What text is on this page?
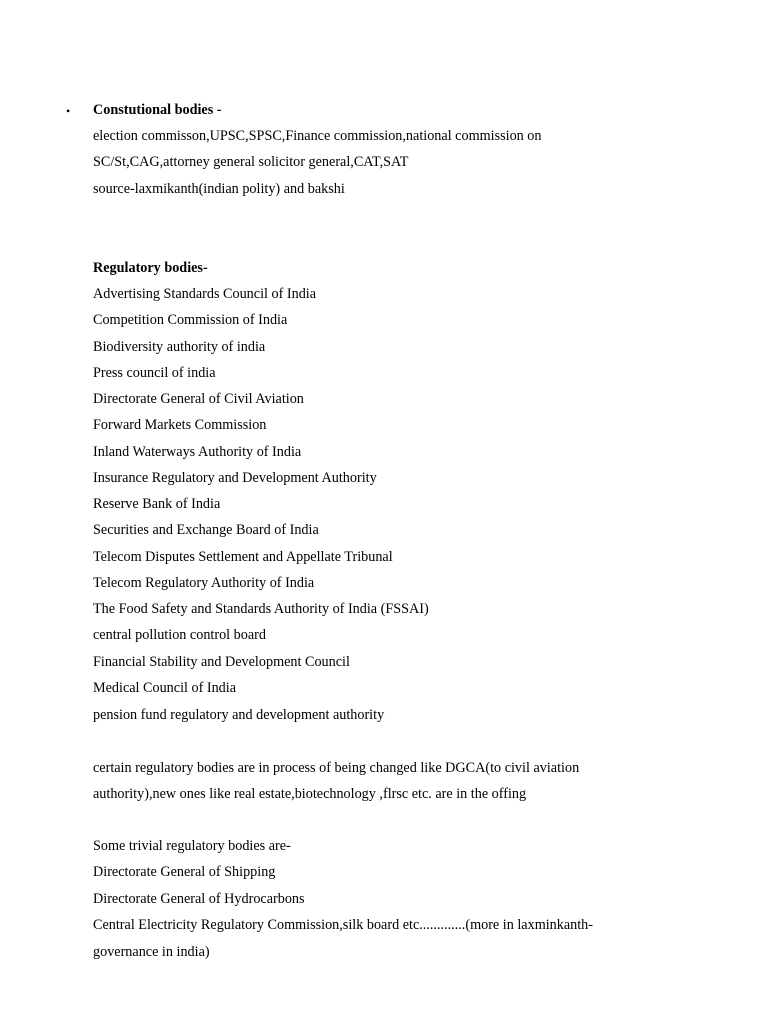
• Constutional bodies -
election commisson,UPSC,SPSC,Finance commission,national commission on
SC/St,CAG,attorney general solicitor general,CAT,SAT
source-laxmikanth(indian polity) and bakshi
Regulatory bodies-
Advertising Standards Council of India
Competition Commission of India
Biodiversity authority of india
Press council of india
Directorate General of Civil Aviation
Forward Markets Commission
Inland Waterways Authority of India
Insurance Regulatory and Development Authority
Reserve Bank of India
Securities and Exchange Board of India
Telecom Disputes Settlement and Appellate Tribunal
Telecom Regulatory Authority of India
The Food Safety and Standards Authority of India (FSSAI)
central pollution control board
Financial Stability and Development Council
Medical Council of India
pension fund regulatory and development authority
certain regulatory bodies are in process of being changed like DGCA(to civil aviation
authority),new ones like real estate,biotechnology ,flrsc etc. are in the offing
Some trivial regulatory bodies are-
Directorate General of Shipping
Directorate General of Hydrocarbons
Central Electricity Regulatory Commission,silk board etc.............(more in laxminkanth-
governance in india)
